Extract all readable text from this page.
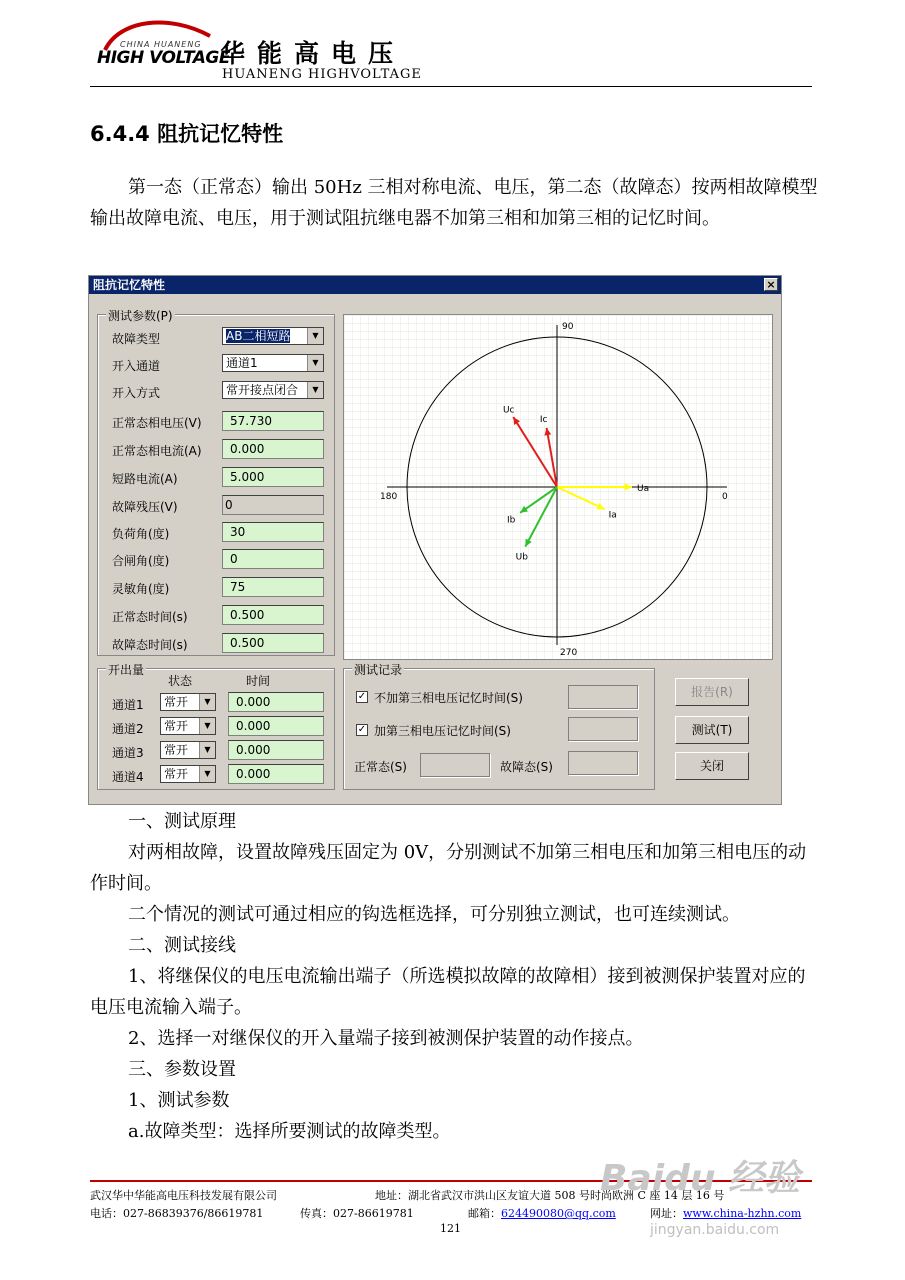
CHINA HUANENG
HIGH VOLTAGE
华能高电压
HUANENG HIGHVOLTAGE
6.4.4 阻抗记忆特性

第一态（正常态）输出 50Hz 三相对称电流、电压，第二态（故障态）按两相故障模型输出故障电流、电压，用于测试阻抗继电器不加第三相和加第三相的记忆时间。

阻抗记忆特性	×
测试参数(P)
故障类型	AB二相短路	▼
开入通道	通道1	▼
开入方式	常开接点闭合	▼
正常态相电压(V)	57.730
正常态相电流(A)	0.000
短路电流(A)	5.000
故障残压(V)	0
负荷角(度)	30
合闸角(度)	0
灵敏角(度)	75
正常态时间(s)	0.500
故障态时间(s)	0.500
90
180	0
270
Ua
Uc
Ic
Ia
Ib
Ub
开出量
状态	时间
通道1	常开	▼	0.000
通道2	常开	▼	0.000
通道3	常开	▼	0.000
通道4	常开	▼	0.000
测试记录
✓ 不加第三相电压记忆时间(S)
✓ 加第三相电压记忆时间(S)
正常态(S)	故障态(S)
报告(R)
测试(T)
关闭

一、测试原理

对两相故障，设置故障残压固定为 0V，分别测试不加第三相电压和加第三相电压的动作时间。

二个情况的测试可通过相应的钩选框选择，可分别独立测试，也可连续测试。

二、测试接线

1、将继保仪的电压电流输出端子（所选模拟故障的故障相）接到被测保护装置对应的电压电流输入端子。

2、选择一对继保仪的开入量端子接到被测保护装置的动作接点。

三、参数设置

1、测试参数

a.故障类型：选择所要测试的故障类型。

武汉华中华能高电压科技发展有限公司	地址：湖北省武汉市洪山区友谊大道 508 号时尚欧洲 C 座 14 层 16 号
电话：027-86839376/86619781	传真：027-86619781	邮箱：624490080@qq.com	网址：www.china-hzhn.com
121
Baidu 经验
jingyan.baidu.com
